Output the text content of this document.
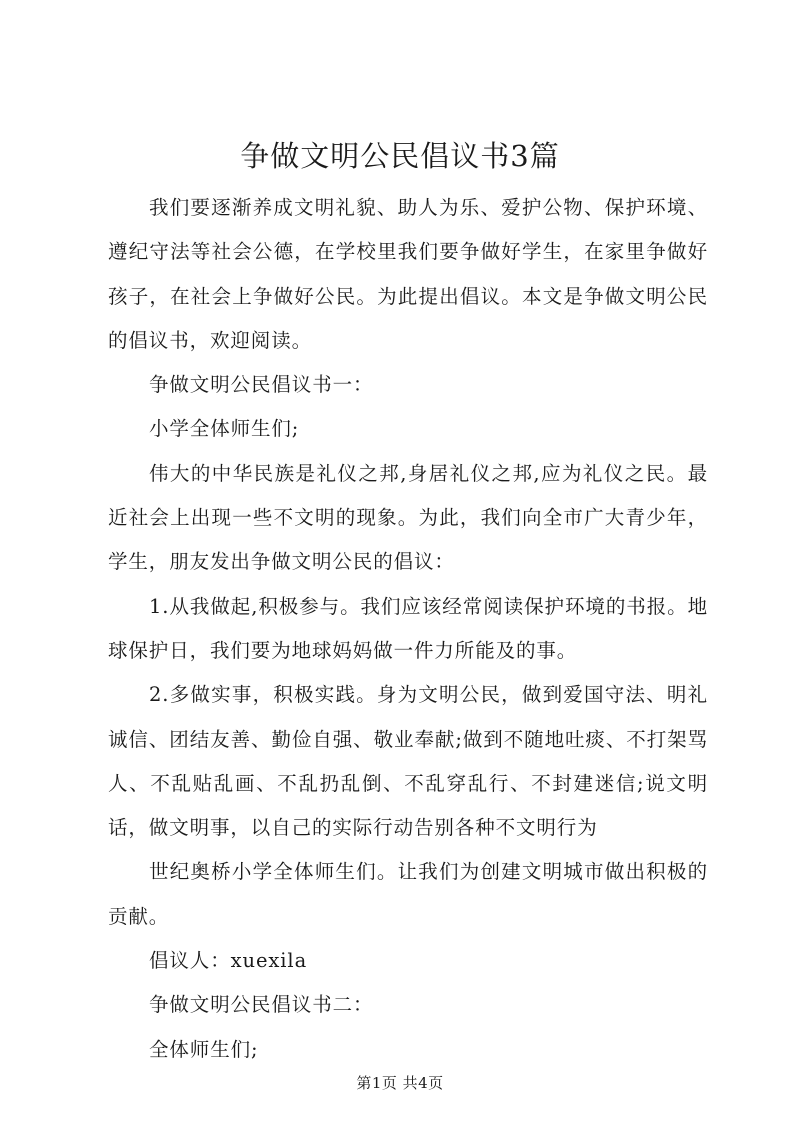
争做文明公民倡议书3篇

我们要逐渐养成文明礼貌、助人为乐、爱护公物、保护环境、遵纪守法等社会公德，在学校里我们要争做好学生，在家里争做好孩子，在社会上争做好公民。为此提出倡议。本文是争做文明公民的倡议书，欢迎阅读。

争做文明公民倡议书一：

小学全体师生们;

伟大的中华民族是礼仪之邦,身居礼仪之邦,应为礼仪之民。最近社会上出现一些不文明的现象。为此，我们向全市广大青少年，学生，朋友发出争做文明公民的倡议：

1.从我做起,积极参与。我们应该经常阅读保护环境的书报。地球保护日，我们要为地球妈妈做一件力所能及的事。

2.多做实事，积极实践。身为文明公民，做到爱国守法、明礼诚信、团结友善、勤俭自强、敬业奉献;做到不随地吐痰、不打架骂人、不乱贴乱画、不乱扔乱倒、不乱穿乱行、不封建迷信;说文明话，做文明事，以自己的实际行动告别各种不文明行为

世纪奥桥小学全体师生们。让我们为创建文明城市做出积极的贡献。

倡议人：xuexila

争做文明公民倡议书二：

全体师生们;

第1页 共4页
